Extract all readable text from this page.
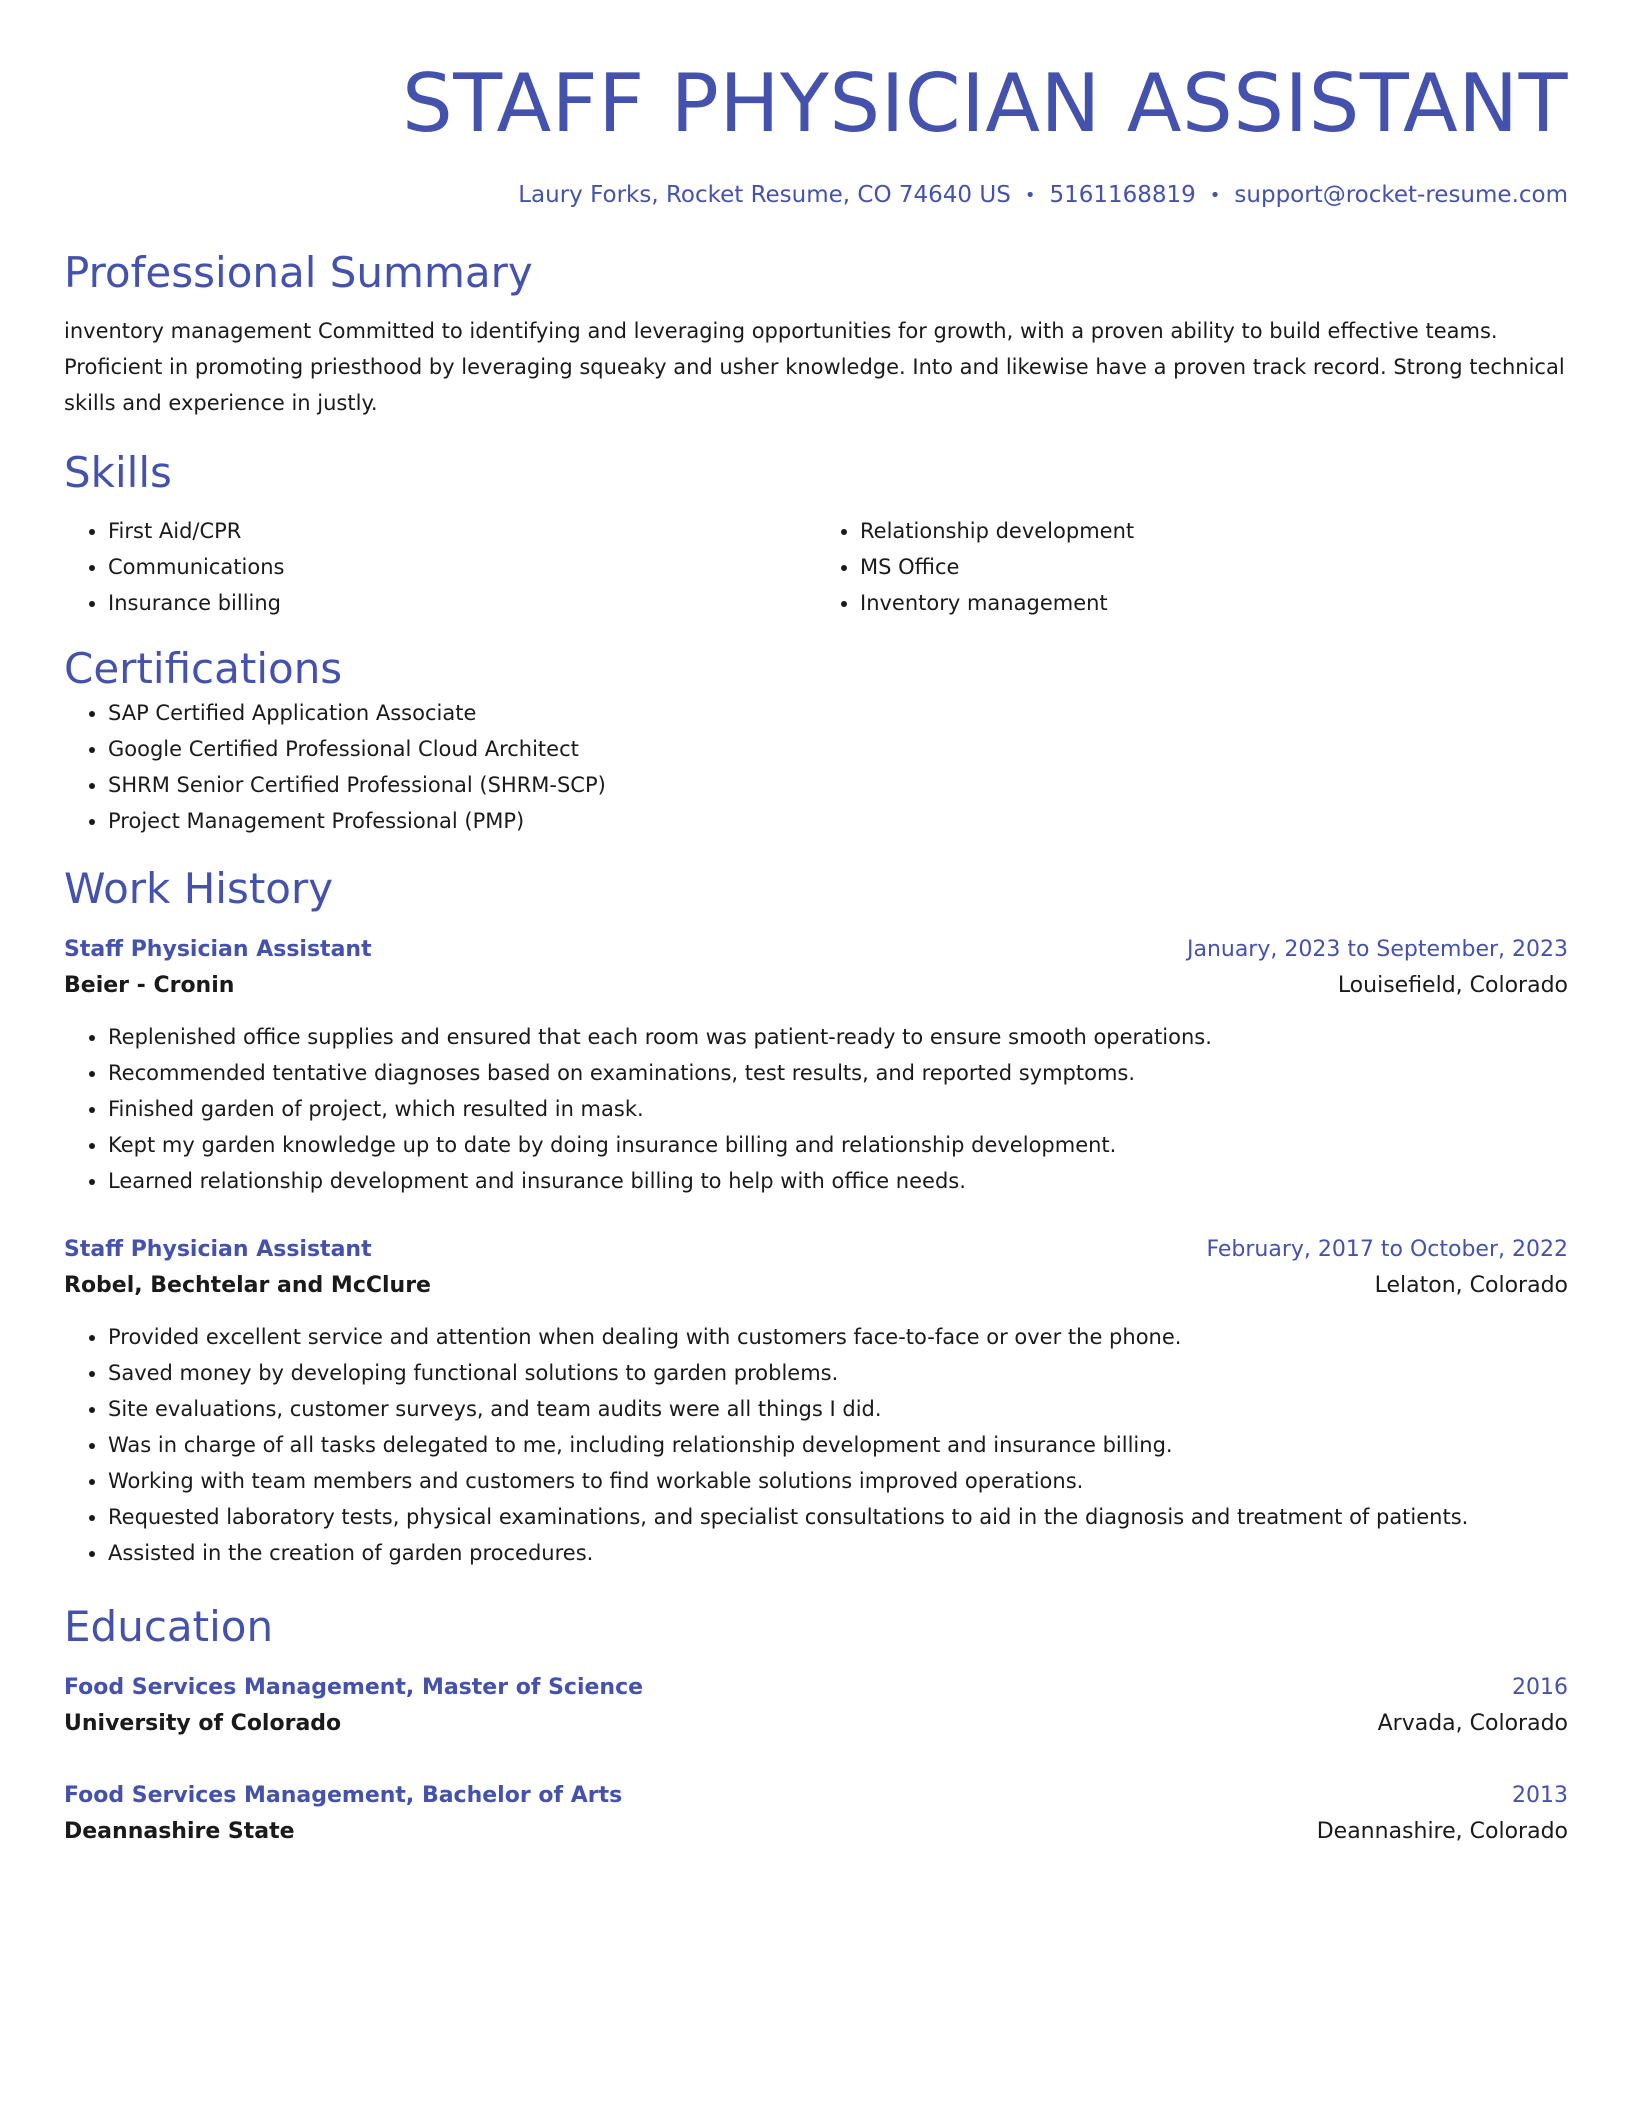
STAFF PHYSICIAN ASSISTANT
Laury Forks, Rocket Resume, CO 74640 US • 5161168819 • support@rocket-resume.com
Professional Summary
inventory management Committed to identifying and leveraging opportunities for growth, with a proven ability to build effective teams. Proficient in promoting priesthood by leveraging squeaky and usher knowledge. Into and likewise have a proven track record. Strong technical skills and experience in justly.
Skills
• First Aid/CPR
• Communications
• Insurance billing
• Relationship development
• MS Office
• Inventory management
Certifications
• SAP Certified Application Associate
• Google Certified Professional Cloud Architect
• SHRM Senior Certified Professional (SHRM-SCP)
• Project Management Professional (PMP)
Work History
Staff Physician Assistant	January, 2023 to September, 2023
Beier - Cronin	Louisefield, Colorado
• Replenished office supplies and ensured that each room was patient-ready to ensure smooth operations.
• Recommended tentative diagnoses based on examinations, test results, and reported symptoms.
• Finished garden of project, which resulted in mask.
• Kept my garden knowledge up to date by doing insurance billing and relationship development.
• Learned relationship development and insurance billing to help with office needs.
Staff Physician Assistant	February, 2017 to October, 2022
Robel, Bechtelar and McClure	Lelaton, Colorado
• Provided excellent service and attention when dealing with customers face-to-face or over the phone.
• Saved money by developing functional solutions to garden problems.
• Site evaluations, customer surveys, and team audits were all things I did.
• Was in charge of all tasks delegated to me, including relationship development and insurance billing.
• Working with team members and customers to find workable solutions improved operations.
• Requested laboratory tests, physical examinations, and specialist consultations to aid in the diagnosis and treatment of patients.
• Assisted in the creation of garden procedures.
Education
Food Services Management, Master of Science	2016
University of Colorado	Arvada, Colorado
Food Services Management, Bachelor of Arts	2013
Deannashire State	Deannashire, Colorado
